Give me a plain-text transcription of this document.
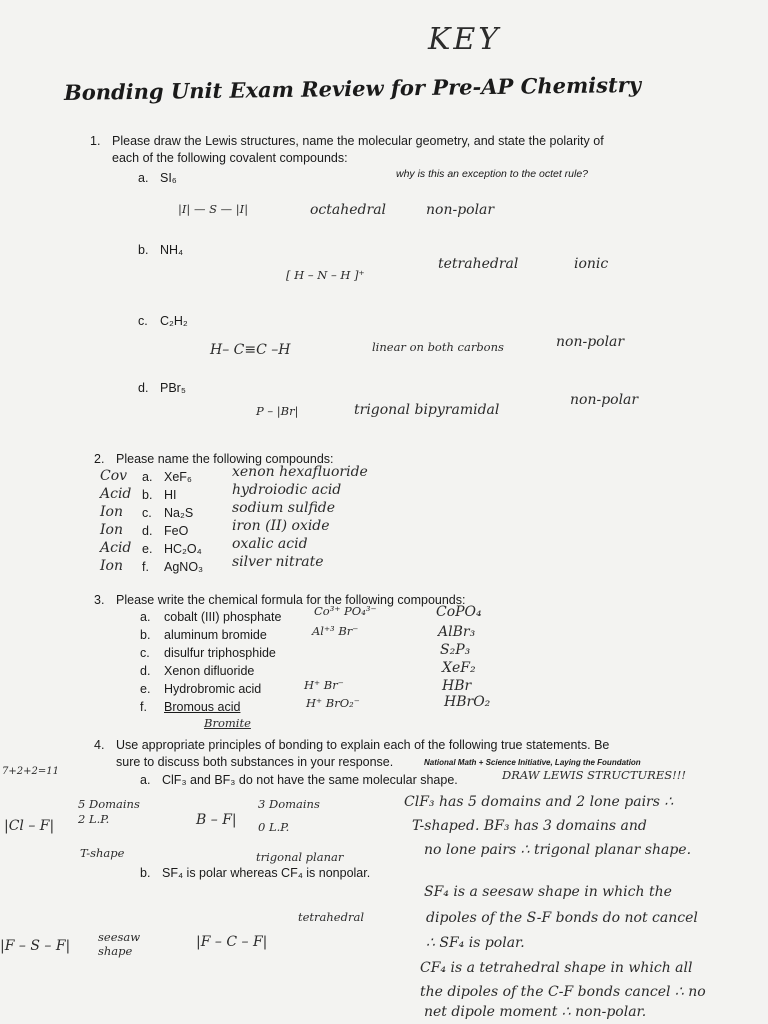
KEY
Bonding Unit Exam Review for Pre-AP Chemistry
1. Please draw the Lewis structures, name the molecular geometry, and state the polarity of
each of the following covalent compounds:
why is this an exception to the octet rule?
a. SI₆
|I| — S — |I|	octahedral	non-polar
b. NH₄
[ H – N – H ]⁺
tetrahedral	ionic
c. C₂H₂
H– C≡C –H	linear on both carbons	non-polar
d. PBr₅
P – |Br|	trigonal bipyramidal
non-polar
2. Please name the following compounds:
Cov a. XeF₆	xenon hexafluoride
Acid b. HI	hydroiodic acid
Ion c. Na₂S	sodium sulfide
Ion d. FeO	iron (II) oxide
Acid e. HC₂O₄ oxalic acid
Ion f. AgNO₃ silver nitrate
3. Please write the chemical formula for the following compounds:
a. cobalt (III) phosphate	Co³⁺ PO₄³⁻	CoPO₄
b. aluminum bromide	Al⁺³ Br⁻	AlBr₃
c. disulfur triphosphide	S₂P₃
d. Xenon difluoride	XeF₂
e. Hydrobromic acid	H⁺ Br⁻	HBr
f. Bromous acid	H⁺ BrO₂⁻	HBrO₂
Bromite
4. Use appropriate principles of bonding to explain each of the following true statements. Be
sure to discuss both substances in your response.	National Math + Science Initiative, Laying the Foundation
7+2+2=11
a. ClF₃ and BF₃ do not have the same molecular shape.	DRAW LEWIS STRUCTURES!!!
|Cl – F|
5 Domains
2 L.P.
T-shape
B – F|
3 Domains
0 L.P.
trigonal planar
ClF₃ has 5 domains and 2 lone pairs ∴
T-shaped. BF₃ has 3 domains and
no lone pairs ∴ trigonal planar shape.
b. SF₄ is polar whereas CF₄ is nonpolar.
|F – S – F|
seesaw shape
|F – C – F|
tetrahedral
SF₄ is a seesaw shape in which the
dipoles of the S-F bonds do not cancel
∴ SF₄ is polar.
CF₄ is a tetrahedral shape in which all
the dipoles of the C-F bonds cancel ∴ no
net dipole moment ∴ non-polar.
